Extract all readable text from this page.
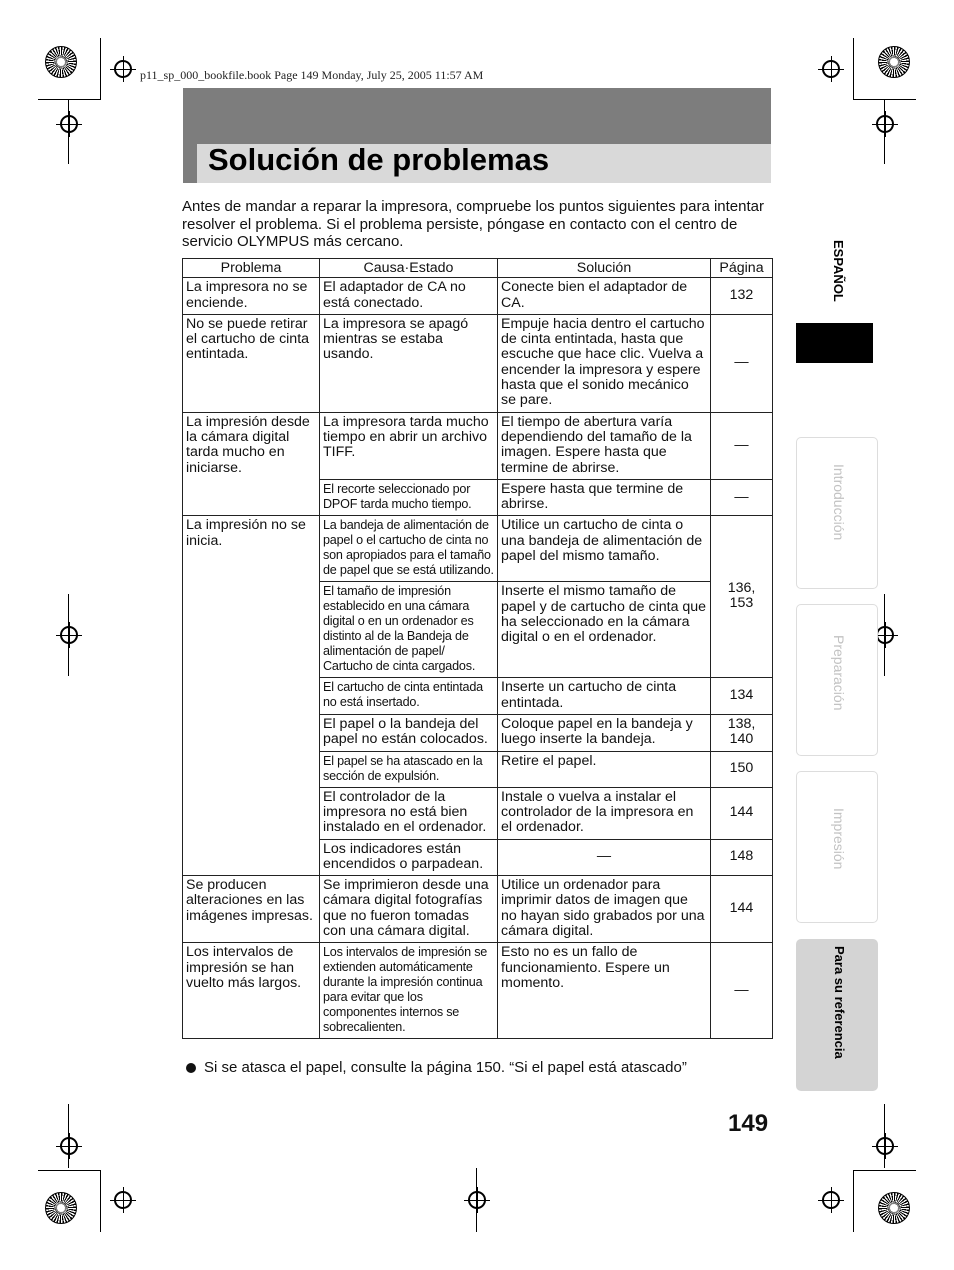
p11_sp_000_bookfile.book Page 149 Monday, July 25, 2005 11:57 AM
Solución de problemas

Antes de mandar a reparar la impresora, compruebe los puntos siguientes para intentar resolver el problema. Si el problema persiste, póngase en contacto con el centro de servicio OLYMPUS más cercano.

Problema	Causa·Estado	Solución	Página
La impresora no se enciende.	El adaptador de CA no está conectado.	Conecte bien el adaptador de CA.	132
No se puede retirar el cartucho de cinta entintada.	La impresora se apagó mientras se estaba usando.	Empuje hacia dentro el cartucho de cinta entintada, hasta que escuche que hace clic. Vuelva a encender la impresora y espere hasta que el sonido mecánico se pare.	—
La impresión desde la cámara digital tarda mucho en iniciarse.	La impresora tarda mucho tiempo en abrir un archivo TIFF.	El tiempo de abertura varía dependiendo del tamaño de la imagen. Espere hasta que termine de abrirse.	—
	El recorte seleccionado por DPOF tarda mucho tiempo.	Espere hasta que termine de abrirse.	—
La impresión no se inicia.	La bandeja de alimentación de papel o el cartucho de cinta no son apropiados para el tamaño de papel que se está utilizando.	Utilice un cartucho de cinta o una bandeja de alimentación de papel del mismo tamaño.	136, 153
	El tamaño de impresión establecido en una cámara digital o en un ordenador es distinto al de la Bandeja de alimentación de papel/ Cartucho de cinta cargados.	Inserte el mismo tamaño de papel y de cartucho de cinta que ha seleccionado en la cámara digital o en el ordenador.	
	El cartucho de cinta entintada no está insertado.	Inserte un cartucho de cinta entintada.	134
	El papel o la bandeja del papel no están colocados.	Coloque papel en la bandeja y luego inserte la bandeja.	138, 140
	El papel se ha atascado en la sección de expulsión.	Retire el papel.	150
	El controlador de la impresora no está bien instalado en el ordenador.	Instale o vuelva a instalar el controlador de la impresora en el ordenador.	144
	Los indicadores están encendidos o parpadean.	—	148
Se producen alteraciones en las imágenes impresas.	Se imprimieron desde una cámara digital fotografías que no fueron tomadas con una cámara digital.	Utilice un ordenador para imprimir datos de imagen que no hayan sido grabados por una cámara digital.	144
Los intervalos de impresión se han vuelto más largos.	Los intervalos de impresión se extienden automáticamente durante la impresión continua para evitar que los componentes internos se sobrecalienten.	Esto no es un fallo de funcionamiento. Espere un momento.	—
Si se atasca el papel, consulte la página 150. “Si el papel está atascado”
149
ESPAÑOL
Introducción
Preparación
Impresión
Para su referencia
